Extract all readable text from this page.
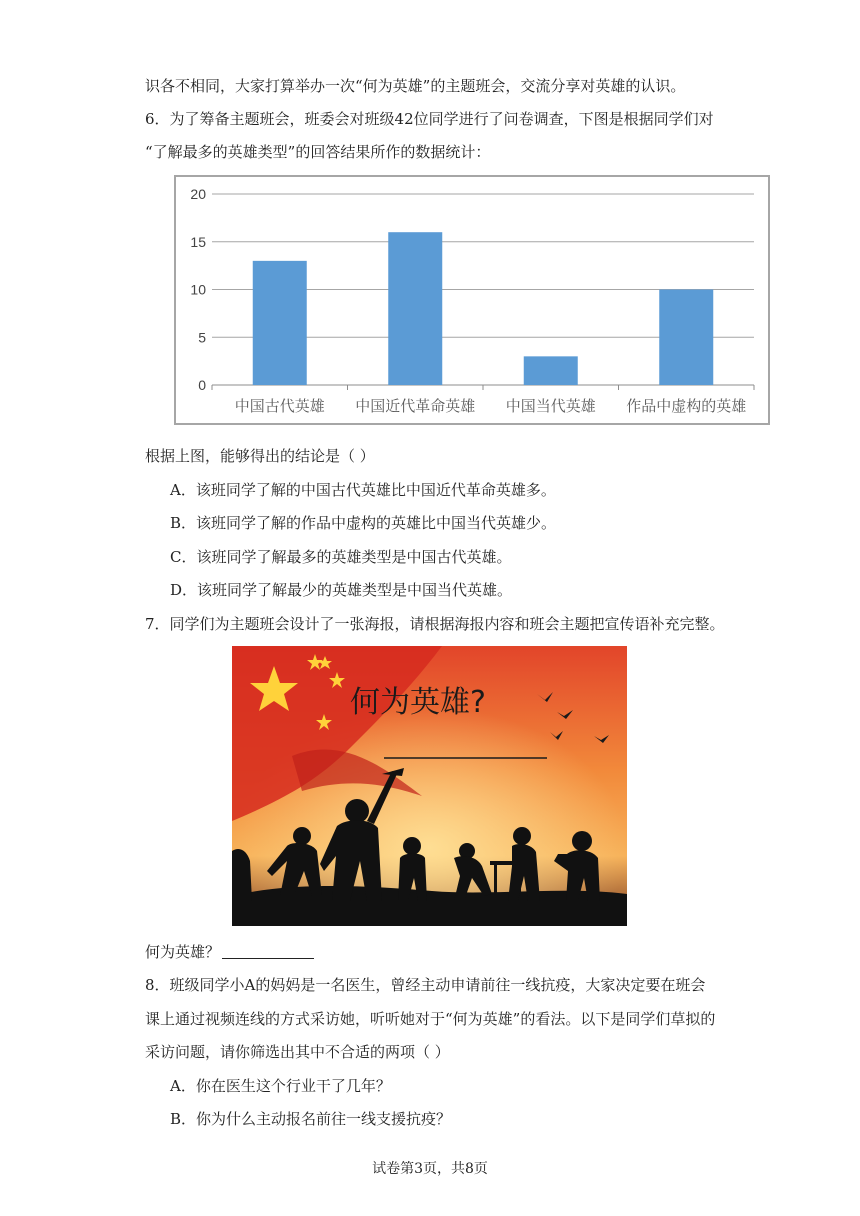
识各不相同，大家打算举办一次“何为英雄”的主题班会，交流分享对英雄的认识。
6．为了筹备主题班会，班委会对班级42位同学进行了问卷调查，下图是根据同学们对
“了解最多的英雄类型”的回答结果所作的数据统计：
0
5
10
15
20
中国古代英雄 中国近代革命英雄 中国当代英雄 作品中虚构的英雄
根据上图，能够得出的结论是（ ）
A．该班同学了解的中国古代英雄比中国近代革命英雄多。
B．该班同学了解的作品中虚构的英雄比中国当代英雄少。
C．该班同学了解最多的英雄类型是中国古代英雄。
D．该班同学了解最少的英雄类型是中国当代英雄。
7．同学们为主题班会设计了一张海报，请根据海报内容和班会主题把宣传语补充完整。
何为英雄?
何为英雄？
8．班级同学小A的妈妈是一名医生，曾经主动申请前往一线抗疫，大家决定要在班会
课上通过视频连线的方式采访她，听听她对于“何为英雄”的看法。以下是同学们草拟的
采访问题，请你筛选出其中不合适的两项（ ）
A．你在医生这个行业干了几年？
B．你为什么主动报名前往一线支援抗疫？
试卷第3页，共8页
